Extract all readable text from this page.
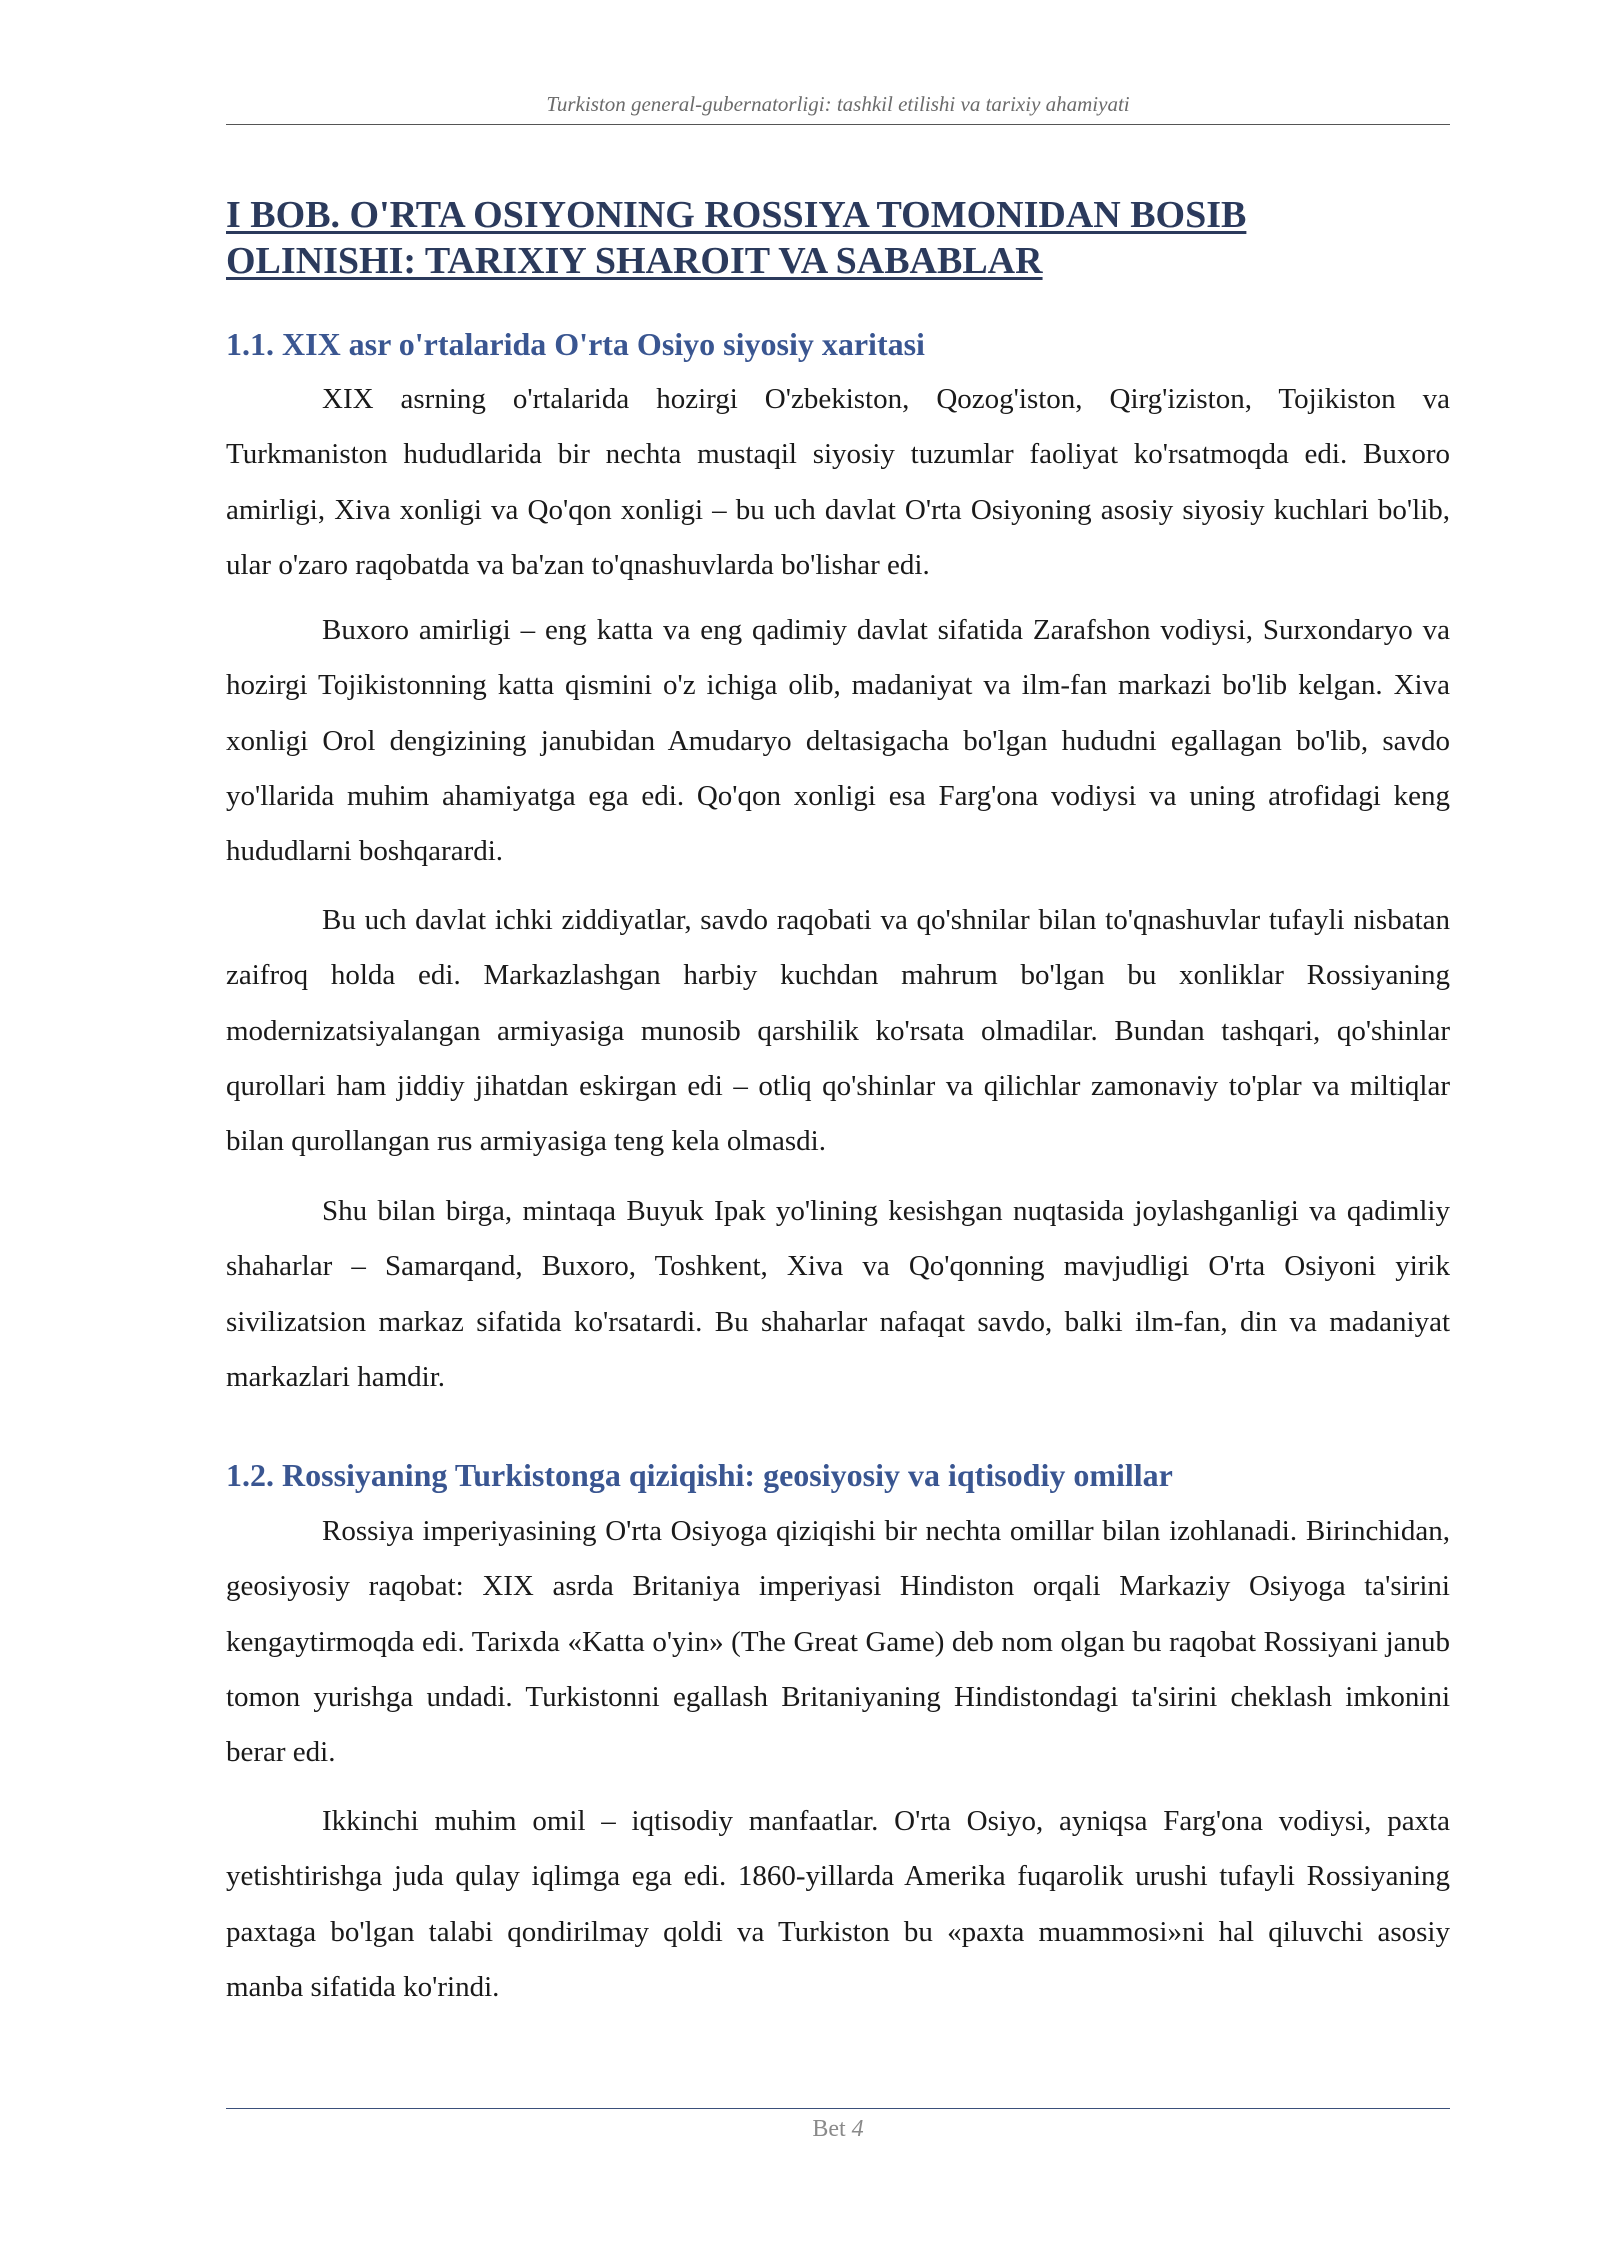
Turkiston general-gubernatorligi: tashkil etilishi va tarixiy ahamiyati
I BOB. O'RTA OSIYONING ROSSIYA TOMONIDAN BOSIB
OLINISHI: TARIXIY SHAROIT VA SABABLAR
1.1. XIX asr o'rtalarida O'rta Osiyo siyosiy xaritasi

XIX asrning o'rtalarida hozirgi O'zbekiston, Qozog'iston, Qirg'iziston, Tojikiston va Turkmaniston hududlarida bir nechta mustaqil siyosiy tuzumlar faoliyat ko'rsatmoqda edi. Buxoro amirligi, Xiva xonligi va Qo'qon xonligi – bu uch davlat O'rta Osiyoning asosiy siyosiy kuchlari bo'lib, ular o'zaro raqobatda va ba'zan to'qnashuvlarda bo'lishar edi.

Buxoro amirligi – eng katta va eng qadimiy davlat sifatida Zarafshon vodiysi, Surxondaryo va hozirgi Tojikistonning katta qismini o'z ichiga olib, madaniyat va ilm-fan markazi bo'lib kelgan. Xiva xonligi Orol dengizining janubidan Amudaryo deltasigacha bo'lgan hududni egallagan bo'lib, savdo yo'llarida muhim ahamiyatga ega edi. Qo'qon xonligi esa Farg'ona vodiysi va uning atrofidagi keng hududlarni boshqarardi.

Bu uch davlat ichki ziddiyatlar, savdo raqobati va qo'shnilar bilan to'qnashuvlar tufayli nisbatan zaifroq holda edi. Markazlashgan harbiy kuchdan mahrum bo'lgan bu xonliklar Rossiyaning modernizatsiyalangan armiyasiga munosib qarshilik ko'rsata olmadilar. Bundan tashqari, qo'shinlar qurollari ham jiddiy jihatdan eskirgan edi – otliq qo'shinlar va qilichlar zamonaviy to'plar va miltiqlar bilan qurollangan rus armiyasiga teng kela olmasdi.

Shu bilan birga, mintaqa Buyuk Ipak yo'lining kesishgan nuqtasida joylashganligi va qadimliy shaharlar – Samarqand, Buxoro, Toshkent, Xiva va Qo'qonning mavjudligi O'rta Osiyoni yirik sivilizatsion markaz sifatida ko'rsatardi. Bu shaharlar nafaqat savdo, balki ilm-fan, din va madaniyat markazlari hamdir.

1.2. Rossiyaning Turkistonga qiziqishi: geosiyosiy va iqtisodiy omillar

Rossiya imperiyasining O'rta Osiyoga qiziqishi bir nechta omillar bilan izohlanadi. Birinchidan, geosiyosiy raqobat: XIX asrda Britaniya imperiyasi Hindiston orqali Markaziy Osiyoga ta'sirini kengaytirmoqda edi. Tarixda «Katta o'yin» (The Great Game) deb nom olgan bu raqobat Rossiyani janub tomon yurishga undadi. Turkistonni egallash Britaniyaning Hindistondagi ta'sirini cheklash imkonini berar edi.

Ikkinchi muhim omil – iqtisodiy manfaatlar. O'rta Osiyo, ayniqsa Farg'ona vodiysi, paxta yetishtirishga juda qulay iqlimga ega edi. 1860-yillarda Amerika fuqarolik urushi tufayli Rossiyaning paxtaga bo'lgan talabi qondirilmay qoldi va Turkiston bu «paxta muammosi»ni hal qiluvchi asosiy manba sifatida ko'rindi.

Bet 4
